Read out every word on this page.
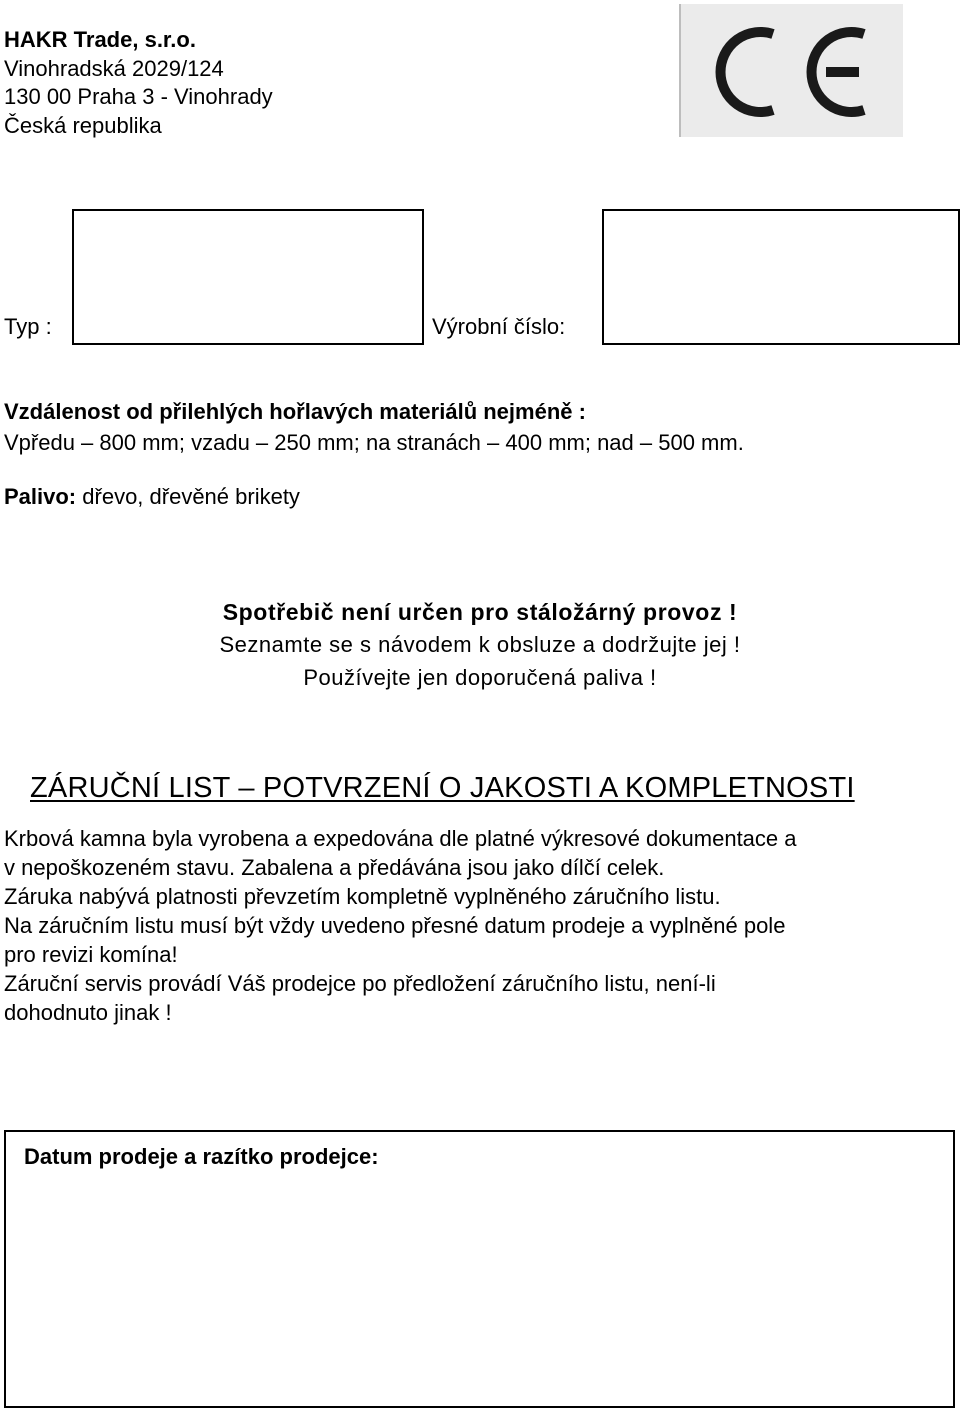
HAKR Trade, s.r.o.
Vinohradská 2029/124
130 00 Praha 3 - Vinohrady
Česká republika
Typ :	Výrobní číslo:
Vzdálenost od přilehlých hořlavých materiálů nejméně :
Vpředu – 800 mm; vzadu – 250 mm; na stranách – 400 mm; nad – 500 mm.
Palivo: dřevo, dřevěné brikety
Spotřebič není určen pro stáložárný provoz !
Seznamte se s návodem k obsluze a dodržujte jej !
Používejte jen doporučená paliva !
ZÁRUČNÍ LIST – POTVRZENÍ O JAKOSTI A KOMPLETNOSTI
Krbová kamna byla vyrobena a expedována dle platné výkresové dokumentace a
v nepoškozeném stavu. Zabalena a předávána jsou jako dílčí celek.
Záruka nabývá platnosti převzetím kompletně vyplněného záručního listu.
Na záručním listu musí být vždy uvedeno přesné datum prodeje a vyplněné pole
pro revizi komína!
Záruční servis provádí Váš prodejce po předložení záručního listu, není-li
dohodnuto jinak !
Datum prodeje a razítko prodejce:
